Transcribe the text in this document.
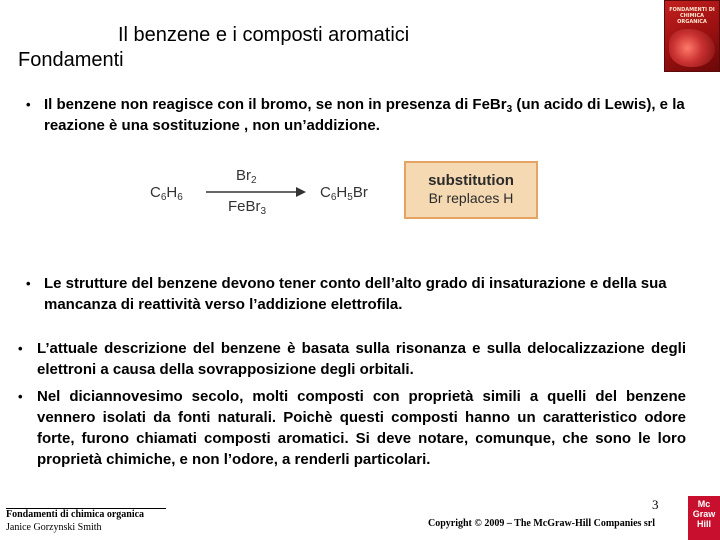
Il benzene e i composti aromatici
Fondamenti
FONDAMENTI DI CHIMICA ORGANICA
• Il benzene non reagisce con il bromo, se non in presenza di FeBr$_3$ (un acido di Lewis), e la reazione è una sostituzione , non un’addizione.
$C_6H_6$
$Br_2$
FeBr$_3$
$C_6H_5Br$
substitution
Br replaces H
• Le strutture del benzene devono tener conto dell’alto grado di insaturazione e della sua mancanza di reattività verso l’addizione elettrofila.
• L’attuale descrizione del benzene è basata sulla risonanza e sulla delocalizzazione degli elettroni a causa della sovrapposizione degli orbitali.
• Nel diciannovesimo secolo, molti composti con proprietà simili a quelli del benzene vennero isolati da fonti naturali. Poichè questi composti hanno un caratteristico odore forte, furono chiamati composti aromatici. Si deve notare, comunque, che sono le loro proprietà chimiche, e non l’odore, a renderli particolari.
3
Fondamenti di chimica organica
Janice Gorzynski Smith	Copyright © 2009 – The McGraw-Hill Companies srl
Mc
Graw
Hill
